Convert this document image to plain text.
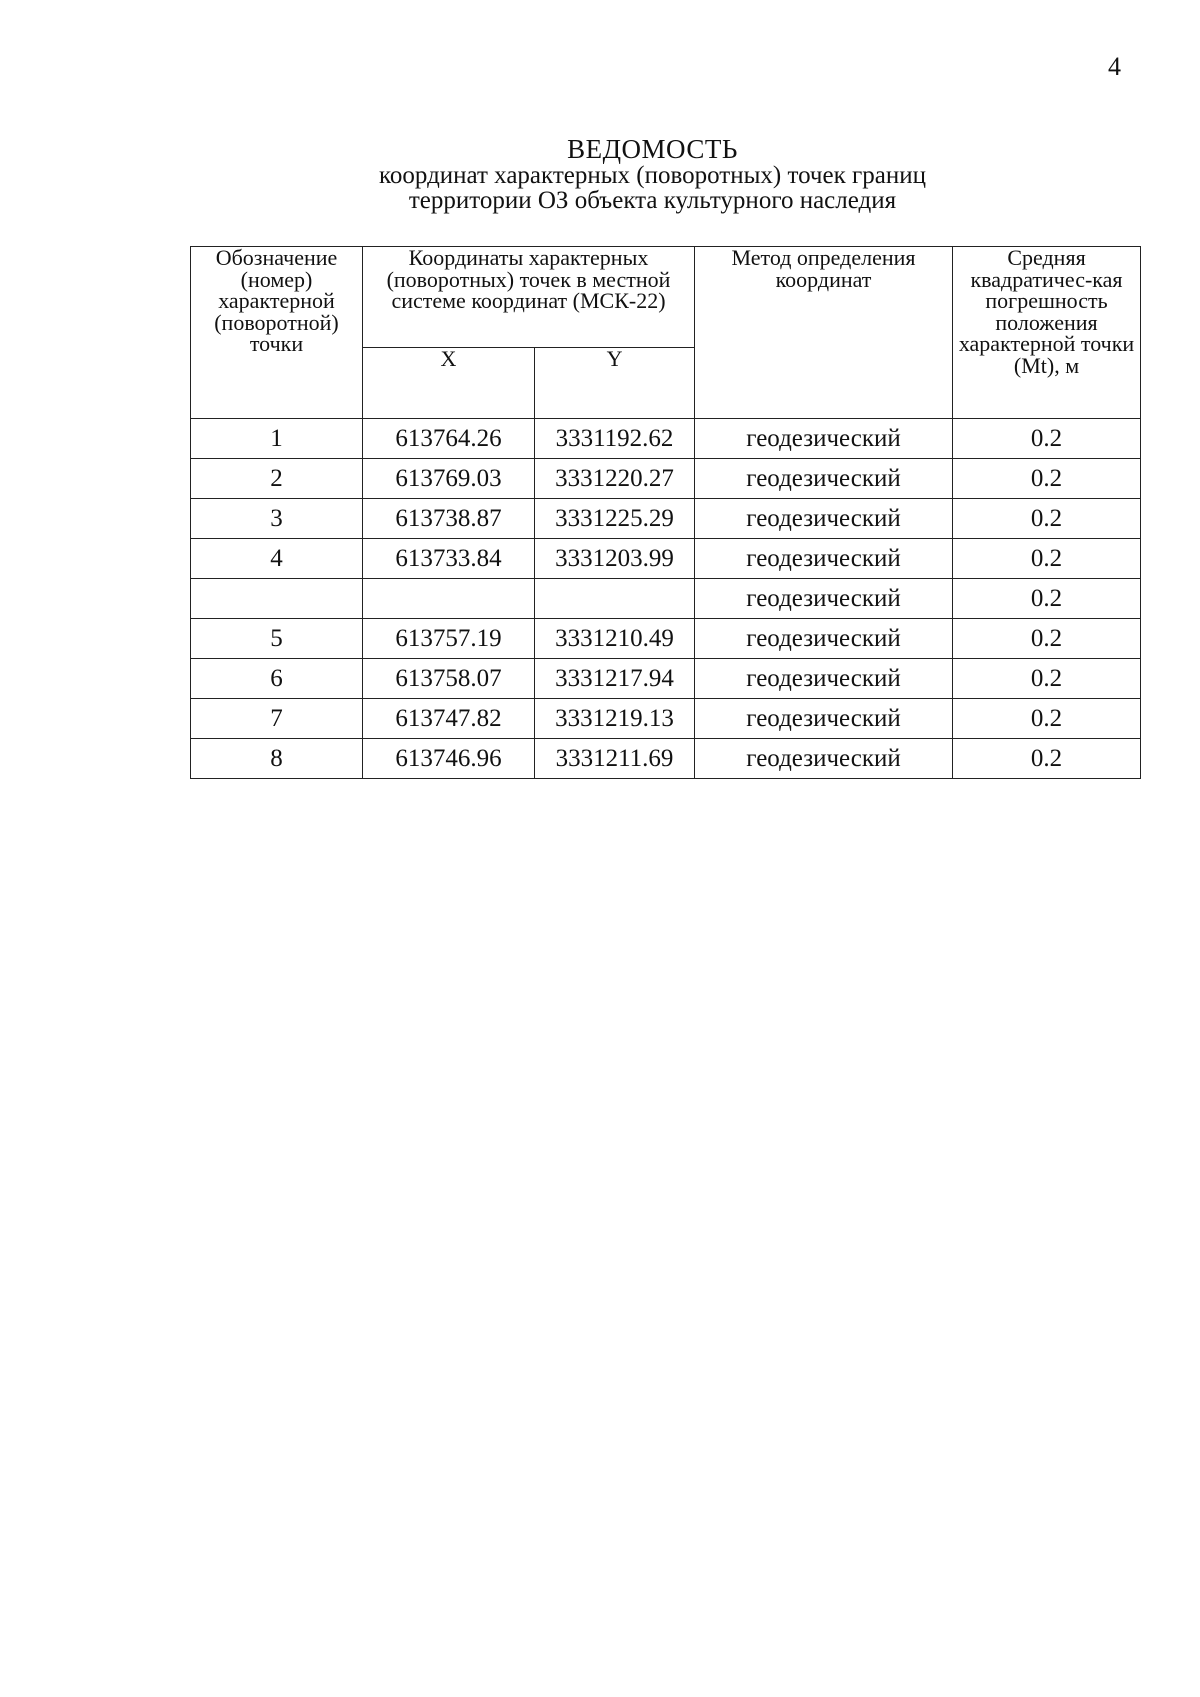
4
ВЕДОМОСТЬ
координат характерных (поворотных) точек границ
территории ОЗ объекта культурного наследия
Обозначение (номер) характерной (поворотной) точки	Координаты характерных (поворотных) точек в местной системе координат (МСК-22)		Метод определения координат	Средняя квадратичес-кая погрешность положения характерной точки (Mt), м
	X	Y		
1	613764.26	3331192.62	геодезический	0.2
2	613769.03	3331220.27	геодезический	0.2
3	613738.87	3331225.29	геодезический	0.2
4	613733.84	3331203.99	геодезический	0.2
			геодезический	0.2
5	613757.19	3331210.49	геодезический	0.2
6	613758.07	3331217.94	геодезический	0.2
7	613747.82	3331219.13	геодезический	0.2
8	613746.96	3331211.69	геодезический	0.2
